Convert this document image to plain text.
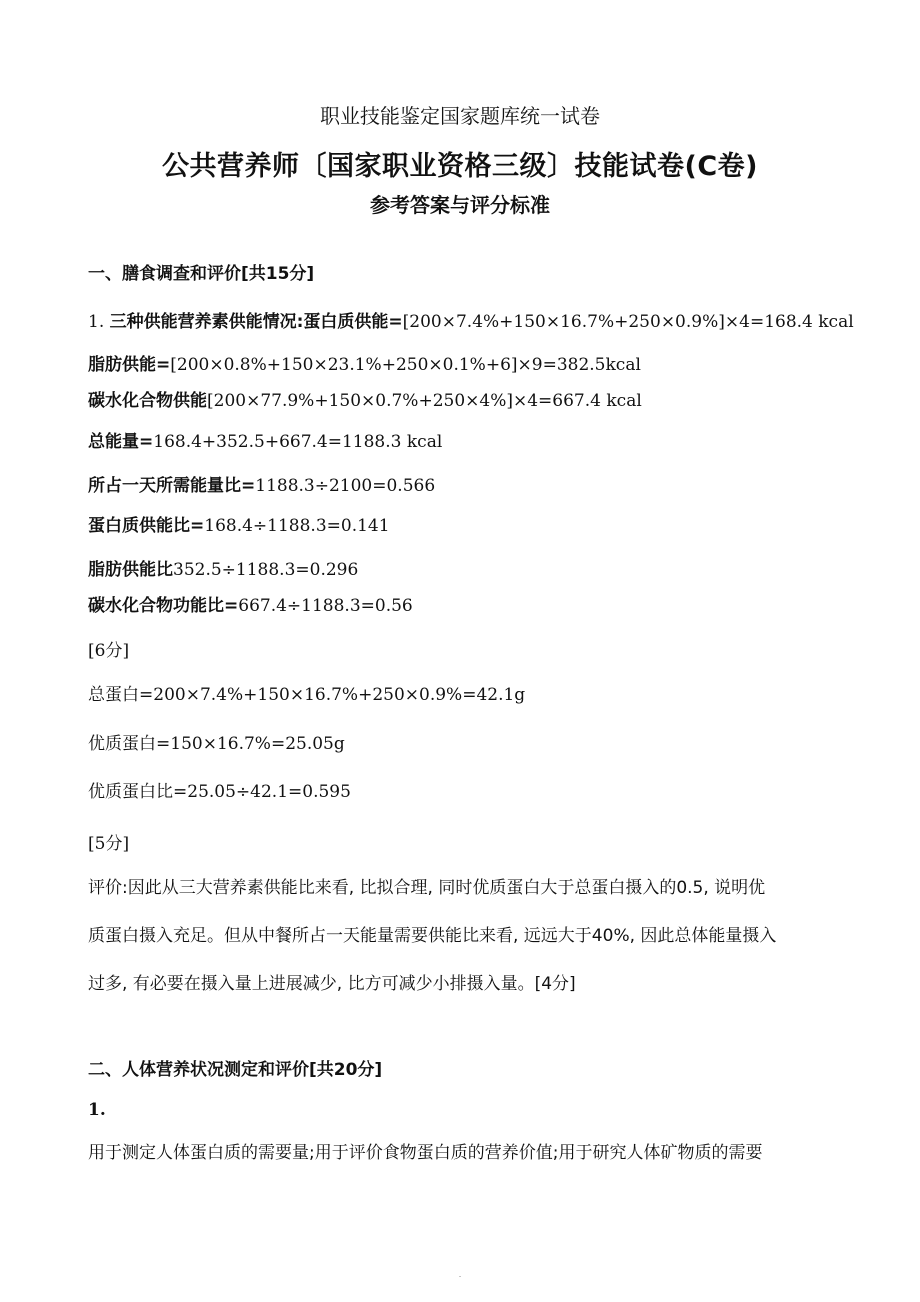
职业技能鉴定国家题库统一试卷
公共营养师〔国家职业资格三级〕技能试卷(C卷)
参考答案与评分标准
一、膳食调查和评价[共15分]
1. 三种供能营养素供能情况:蛋白质供能=[200×7.4%+150×16.7%+250×0.9%]×4=168.4 kcal
脂肪供能=[200×0.8%+150×23.1%+250×0.1%+6]×9=382.5kcal
碳水化合物供能[200×77.9%+150×0.7%+250×4%]×4=667.4 kcal
总能量=168.4+352.5+667.4=1188.3 kcal
所占一天所需能量比=1188.3÷2100=0.566
蛋白质供能比=168.4÷1188.3=0.141
脂肪供能比352.5÷1188.3=0.296
碳水化合物功能比=667.4÷1188.3=0.56
[6分]
总蛋白=200×7.4%+150×16.7%+250×0.9%=42.1g
优质蛋白=150×16.7%=25.05g
优质蛋白比=25.05÷42.1=0.595
[5分]
评价:因此从三大营养素供能比来看, 比拟合理, 同时优质蛋白大于总蛋白摄入的0.5, 说明优
质蛋白摄入充足。但从中餐所占一天能量需要供能比来看, 远远大于40%, 因此总体能量摄入
过多, 有必要在摄入量上进展减少, 比方可减少小排摄入量。[4分]
二、人体营养状况测定和评价[共20分]
1.
用于测定人体蛋白质的需要量;用于评价食物蛋白质的营养价值;用于研究人体矿物质的需要
.
